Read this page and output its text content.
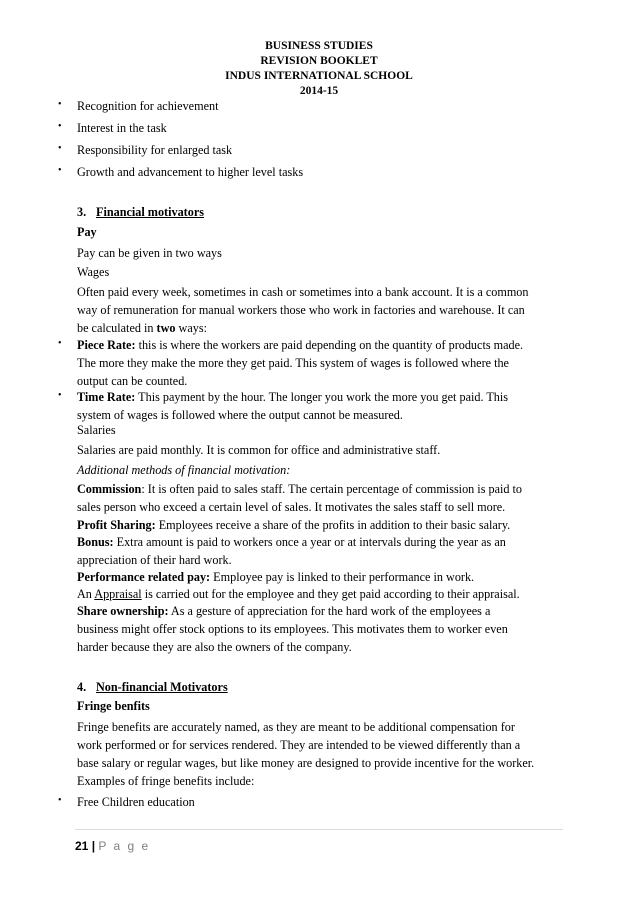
BUSINESS STUDIES
REVISION BOOKLET
INDUS INTERNATIONAL SCHOOL
2014-15
• Recognition for achievement
• Interest in the task
• Responsibility for enlarged task
• Growth and advancement to higher level tasks
3. Financial motivators
Pay
Pay can be given in two ways
Wages
Often paid every week, sometimes in cash or sometimes into a bank account. It is a common
way of remuneration for manual workers those who work in factories and warehouse. It can
be calculated in two ways:
• Piece Rate: this is where the workers are paid depending on the quantity of products made.
The more they make the more they get paid. This system of wages is followed where the
output can be counted.
• Time Rate: This payment by the hour. The longer you work the more you get paid. This
system of wages is followed where the output cannot be measured.
Salaries
Salaries are paid monthly. It is common for office and administrative staff.
Additional methods of financial motivation:
Commission: It is often paid to sales staff. The certain percentage of commission is paid to
sales person who exceed a certain level of sales. It motivates the sales staff to sell more.
Profit Sharing: Employees receive a share of the profits in addition to their basic salary.
Bonus: Extra amount is paid to workers once a year or at intervals during the year as an
appreciation of their hard work.
Performance related pay: Employee pay is linked to their performance in work.
An Appraisal is carried out for the employee and they get paid according to their appraisal.
Share ownership: As a gesture of appreciation for the hard work of the employees a
business might offer stock options to its employees. This motivates them to worker even
harder because they are also the owners of the company.
4. Non-financial Motivators
Fringe benfits
Fringe benefits are accurately named, as they are meant to be additional compensation for
work performed or for services rendered. They are intended to be viewed differently than a
base salary or regular wages, but like money are designed to provide incentive for the worker.
Examples of fringe benefits include:
• Free Children education
21 | P a g e
